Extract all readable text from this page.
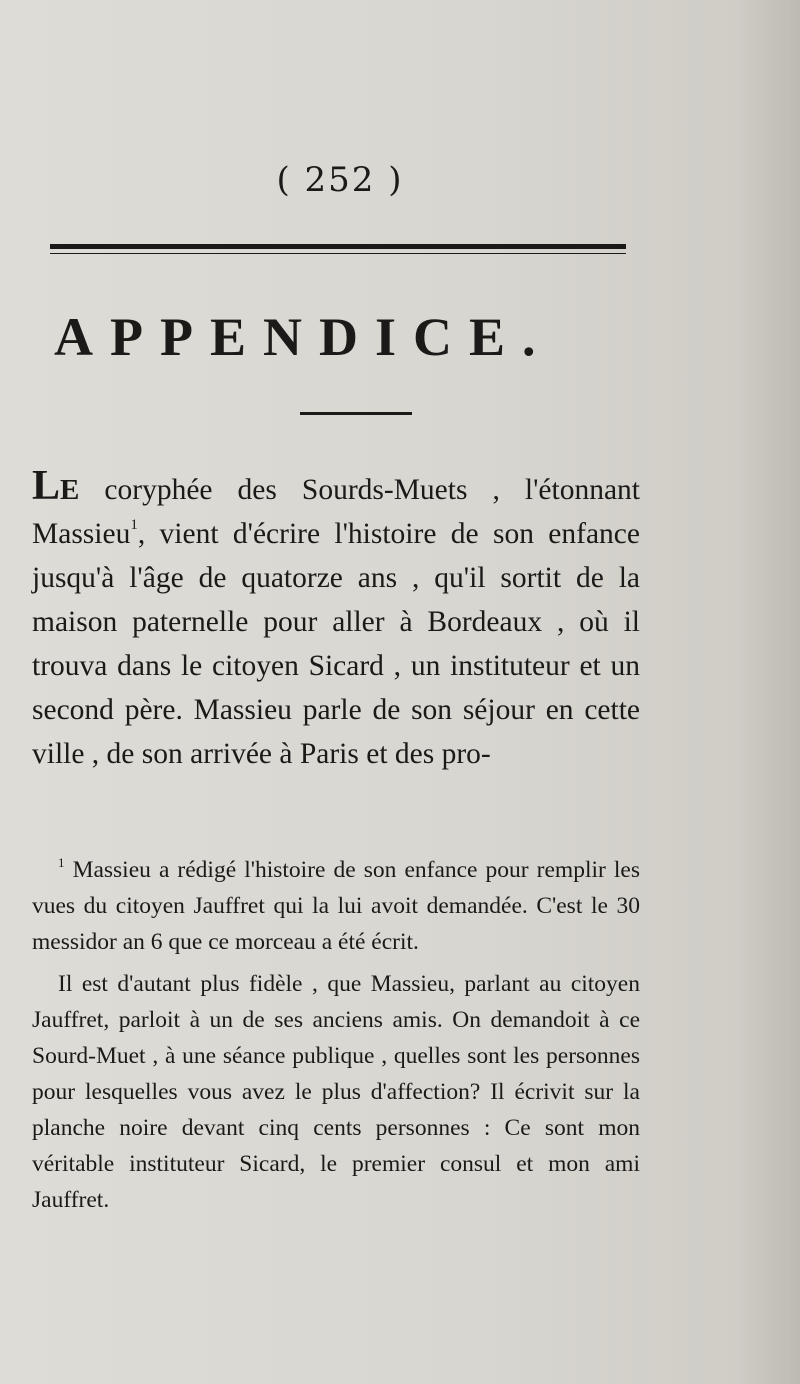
( 252 )
APPENDICE.
Le coryphée des Sourds-Muets , l'étonnant Massieu$^1$, vient d'écrire l'histoire de son enfance jusqu'à l'âge de quatorze ans , qu'il sortit de la maison paternelle pour aller à Bordeaux , où il trouva dans le citoyen Sicard , un instituteur et un second père. Massieu parle de son séjour en cette ville , de son arrivée à Paris et des pro-

$^1$ Massieu a rédigé l'histoire de son enfance pour remplir les vues du citoyen Jauffret qui la lui avoit demandée. C'est le 30 messidor an 6 que ce morceau a été écrit.

Il est d'autant plus fidèle , que Massieu, parlant au citoyen Jauffret, parloit à un de ses anciens amis. On demandoit à ce Sourd-Muet , à une séance publique , quelles sont les personnes pour lesquelles vous avez le plus d'affection? Il écrivit sur la planche noire devant cinq cents personnes : Ce sont mon véritable instituteur Sicard, le premier consul et mon ami Jauffret.
